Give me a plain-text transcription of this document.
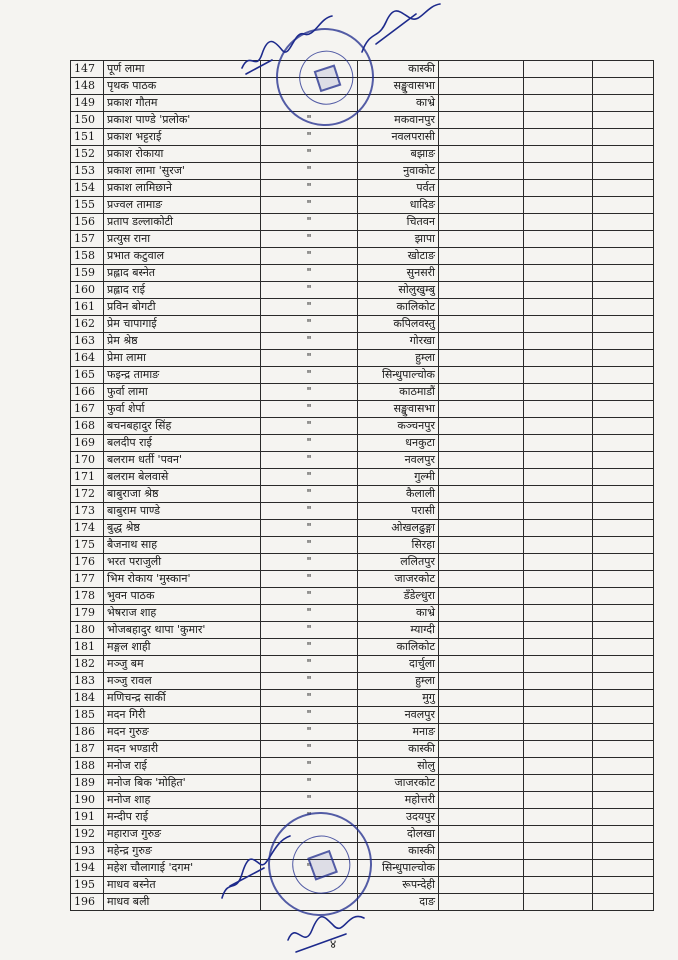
147	पूर्ण लामा		कास्की			
148	पृथक पाठक		सङ्खुवासभा			
149	प्रकाश गौतम		काभ्रे			
150	प्रकाश पाण्डे 'प्रलोक'	"	मकवानपुर			
151	प्रकाश भट्टराई	"	नवलपरासी			
152	प्रकाश रोकाया	"	बझाङ			
153	प्रकाश लामा 'सुरज'	"	नुवाकोट			
154	प्रकाश लामिछाने	"	पर्वत			
155	प्रज्वल तामाङ	"	धादिङ			
156	प्रताप डल्लाकोटी	"	चितवन			
157	प्रत्युस राना	"	झापा			
158	प्रभात कटुवाल	"	खोटाङ			
159	प्रह्लाद बस्नेत	"	सुनसरी			
160	प्रह्लाद राई	"	सोलुखुम्बु			
161	प्रविन बोगटी	"	कालिकोट			
162	प्रेम चापागाई	"	कपिलवस्तु			
163	प्रेम श्रेष्ठ	"	गोरखा			
164	प्रेमा लामा	"	हुम्ला			
165	फइन्द्र तामाङ	"	सिन्धुपाल्चोक			
166	फुर्वा लामा	"	काठमाडौं			
167	फुर्वा शेर्पा	"	सङ्खुवासभा			
168	बचनबहादुर सिंह	"	कञ्चनपुर			
169	बलदीप राई	"	धनकुटा			
170	बलराम धर्ती 'पवन'	"	नवलपुर			
171	बलराम बेलवासे	"	गुल्मी			
172	बाबुराजा श्रेष्ठ	"	कैलाली			
173	बाबुराम पाण्डे	"	परासी			
174	बुद्ध श्रेष्ठ	"	ओखलढुङ्गा			
175	बैजनाथ साह	"	सिरहा			
176	भरत पराजुली	"	ललितपुर			
177	भिम रोकाय 'मुस्कान'	"	जाजरकोट			
178	भुवन पाठक	"	डँडेल्धुरा			
179	भेषराज शाह	"	काभ्रे			
180	भोजबहादुर थापा 'कुमार'	"	म्याग्दी			
181	मङ्गल शाही	"	कालिकोट			
182	मञ्जु बम	"	दार्चुला			
183	मञ्जु रावल	"	हुम्ला			
184	मणिचन्द्र सार्की	"	मुगु			
185	मदन गिरी	"	नवलपुर			
186	मदन गुरुङ	"	मनाङ			
187	मदन भण्डारी	"	कास्की			
188	मनोज राई	"	सोलु			
189	मनोज बिक 'मोहित'	"	जाजरकोट			
190	मनोज शाह	"	महोत्तरी			
191	मन्दीप राई	"	उदयपुर			
192	महाराज गुरुङ		दोलखा			
193	महेन्द्र गुरुङ		कास्की			
194	महेश चौलागाई 'दगम'	"	सिन्धुपाल्चोक			
195	माधव बस्नेत		रूपन्देही			
196	माधव बली		दाङ			
४
